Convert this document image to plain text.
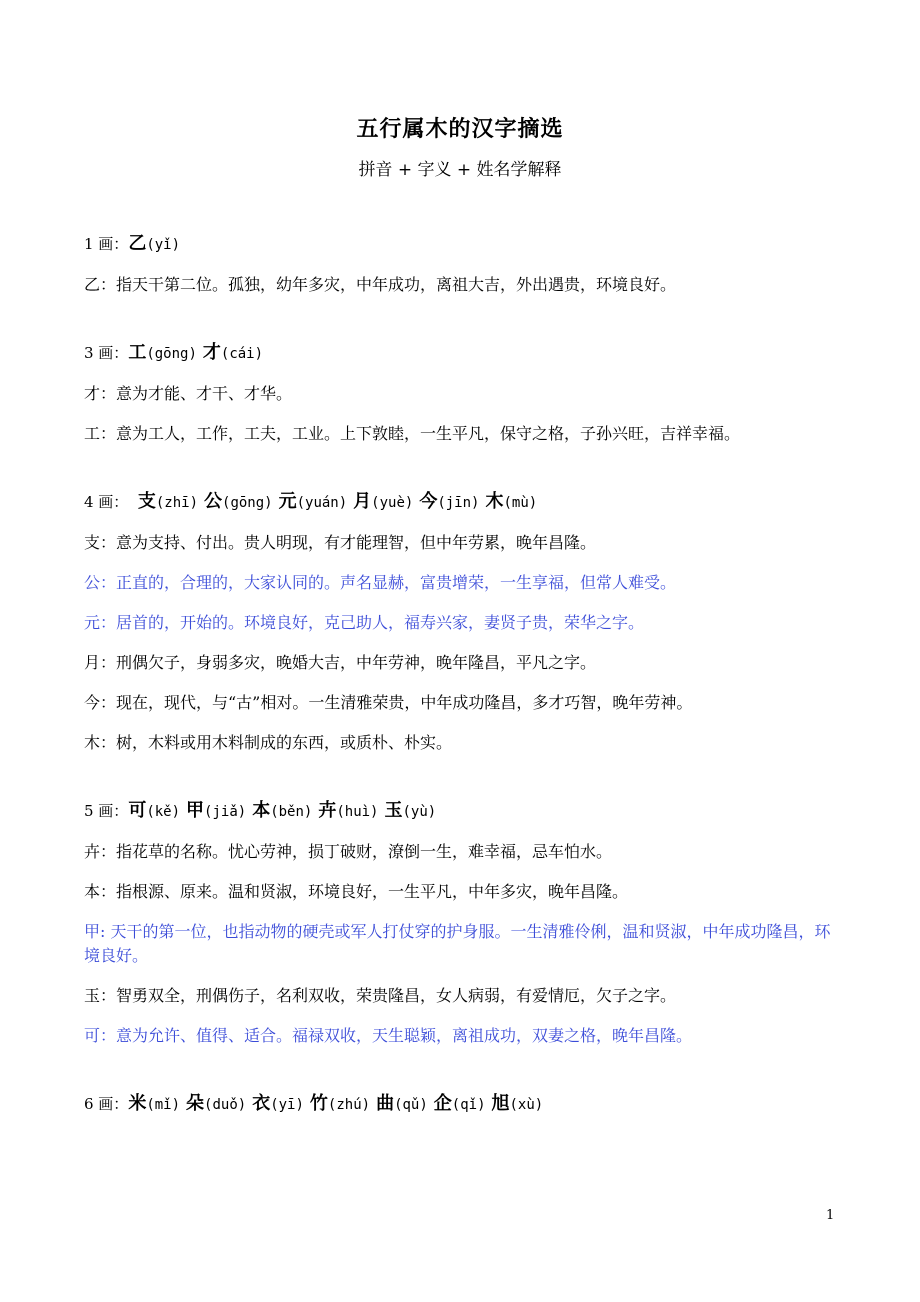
五行属木的汉字摘选
拼音 + 字义 + 姓名学解释
1 画：乙(yǐ)
乙：指天干第二位。孤独，幼年多灾，中年成功，离祖大吉，外出遇贵，环境良好。
3 画：工(gōng) 才(cái)
才：意为才能、才干、才华。
工：意为工人，工作，工夫，工业。上下敦睦，一生平凡，保守之格，子孙兴旺，吉祥幸福。
4 画：  支(zhī) 公(gōng) 元(yuán) 月(yuè) 今(jīn) 木(mù)
支：意为支持、付出。贵人明现，有才能理智，但中年劳累，晚年昌隆。
公：正直的，合理的，大家认同的。声名显赫，富贵增荣，一生享福，但常人难受。
元：居首的，开始的。环境良好，克己助人，福寿兴家，妻贤子贵，荣华之字。
月：刑偶欠子，身弱多灾，晚婚大吉，中年劳神，晚年隆昌，平凡之字。
今：现在，现代，与“古”相对。一生清雅荣贵，中年成功隆昌，多才巧智，晚年劳神。
木：树，木料或用木料制成的东西，或质朴、朴实。
5 画：可(kě) 甲(jiǎ) 本(běn) 卉(huì) 玉(yù)
卉：指花草的名称。忧心劳神，损丁破财，潦倒一生，难幸福，忌车怕水。
本：指根源、原来。温和贤淑，环境良好，一生平凡，中年多灾，晚年昌隆。
甲: 天干的第一位，也指动物的硬壳或军人打仗穿的护身服。一生清雅伶俐，温和贤淑，中年成功隆昌，环境良好。
玉：智勇双全，刑偶伤子，名利双收，荣贵隆昌，女人病弱，有爱情厄，欠子之字。
可：意为允许、值得、适合。福禄双收，天生聪颖，离祖成功，双妻之格，晚年昌隆。
6 画：米(mǐ) 朵(duǒ) 衣(yī) 竹(zhú) 曲(qǔ) 企(qǐ) 旭(xù)
1
